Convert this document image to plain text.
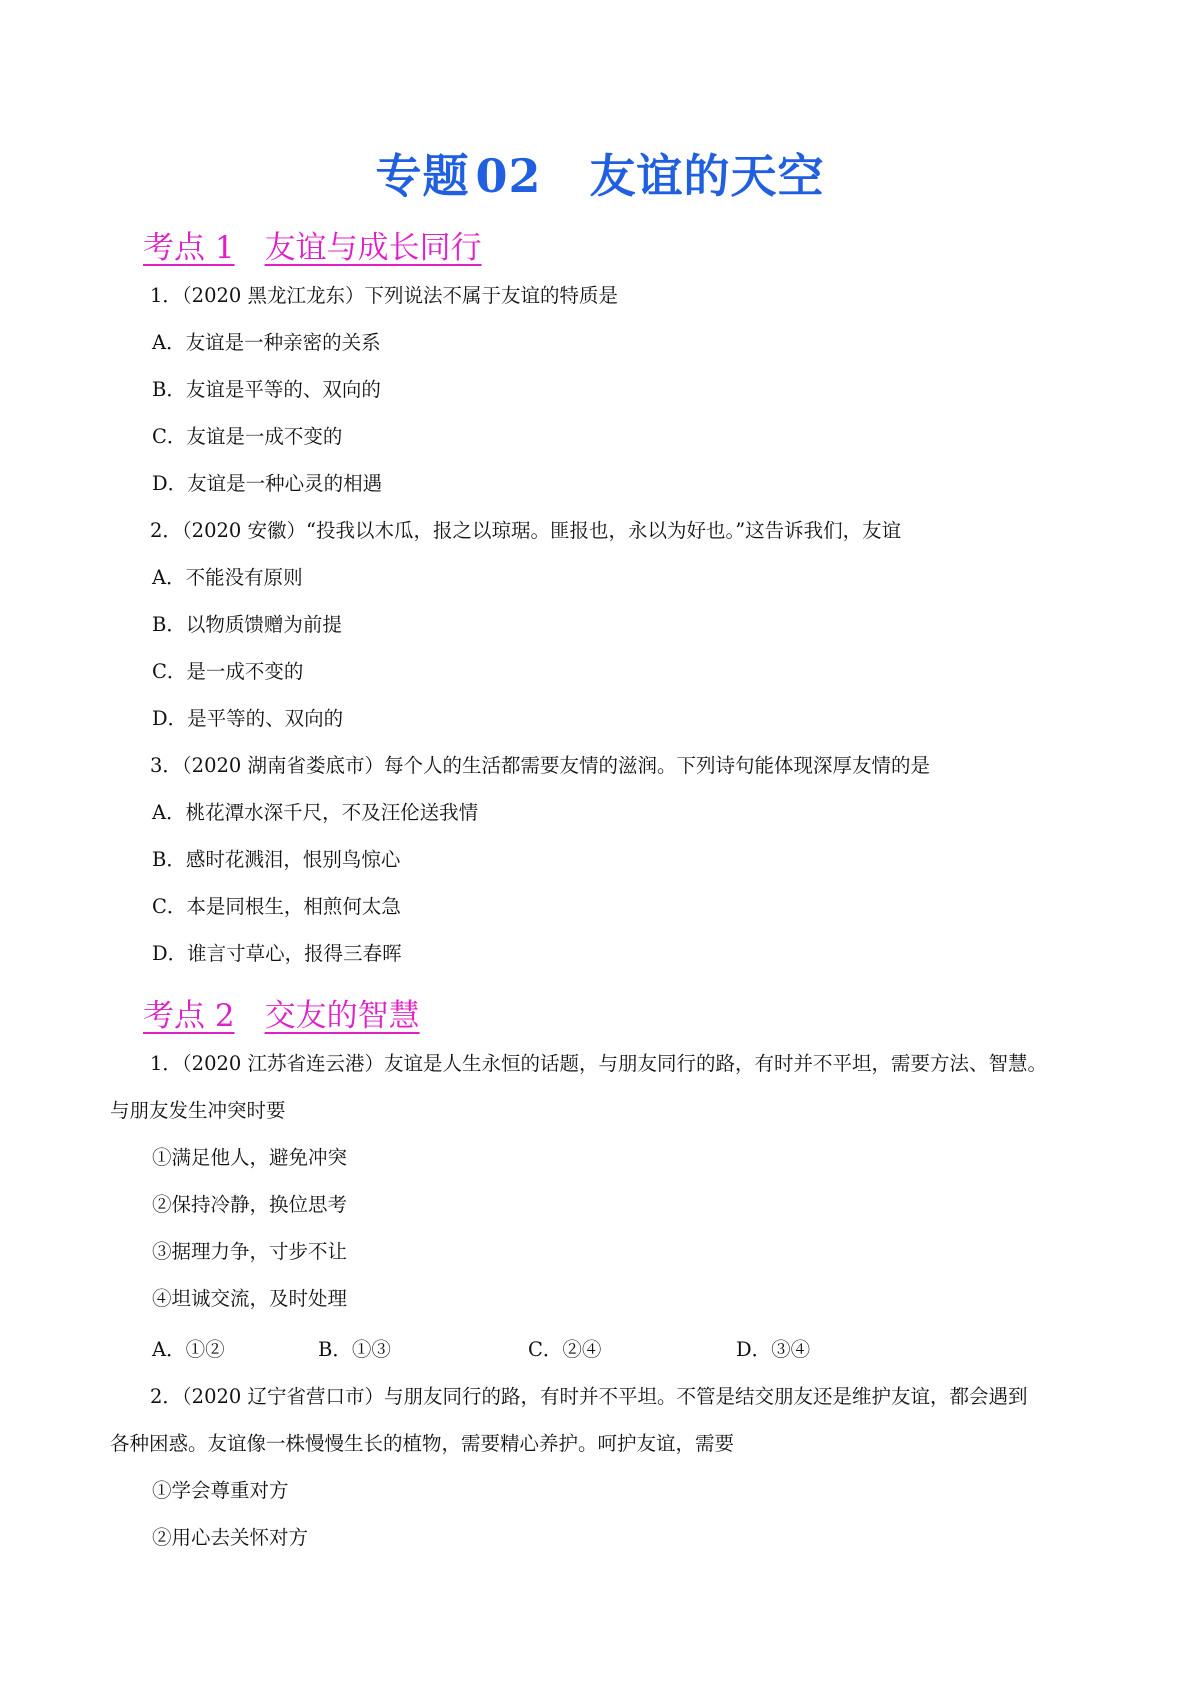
专题 02 友谊的天空
考点 1 友谊与成长同行
1．（2020 黑龙江龙东）下列说法不属于友谊的特质是
A．友谊是一种亲密的关系
B．友谊是平等的、双向的
C．友谊是一成不变的
D．友谊是一种心灵的相遇
2．（2020 安徽）“投我以木瓜，报之以琼琚。匪报也，永以为好也。”这告诉我们，友谊
A．不能没有原则
B．以物质馈赠为前提
C．是一成不变的
D．是平等的、双向的
3．（2020 湖南省娄底市）每个人的生活都需要友情的滋润。下列诗句能体现深厚友情的是
A．桃花潭水深千尺，不及汪伦送我情
B．感时花溅泪，恨别鸟惊心
C．本是同根生，相煎何太急
D．谁言寸草心，报得三春晖
考点 2 交友的智慧
1．（2020 江苏省连云港）友谊是人生永恒的话题，与朋友同行的路，有时并不平坦，需要方法、智慧。
与朋友发生冲突时要
①满足他人，避免冲突
②保持冷静，换位思考
③据理力争，寸步不让
④坦诚交流，及时处理
A．①②	B．①③	C．②④	D．③④
2．（2020 辽宁省营口市）与朋友同行的路，有时并不平坦。不管是结交朋友还是维护友谊，都会遇到
各种困惑。友谊像一株慢慢生长的植物，需要精心养护。呵护友谊，需要
①学会尊重对方
②用心去关怀对方
